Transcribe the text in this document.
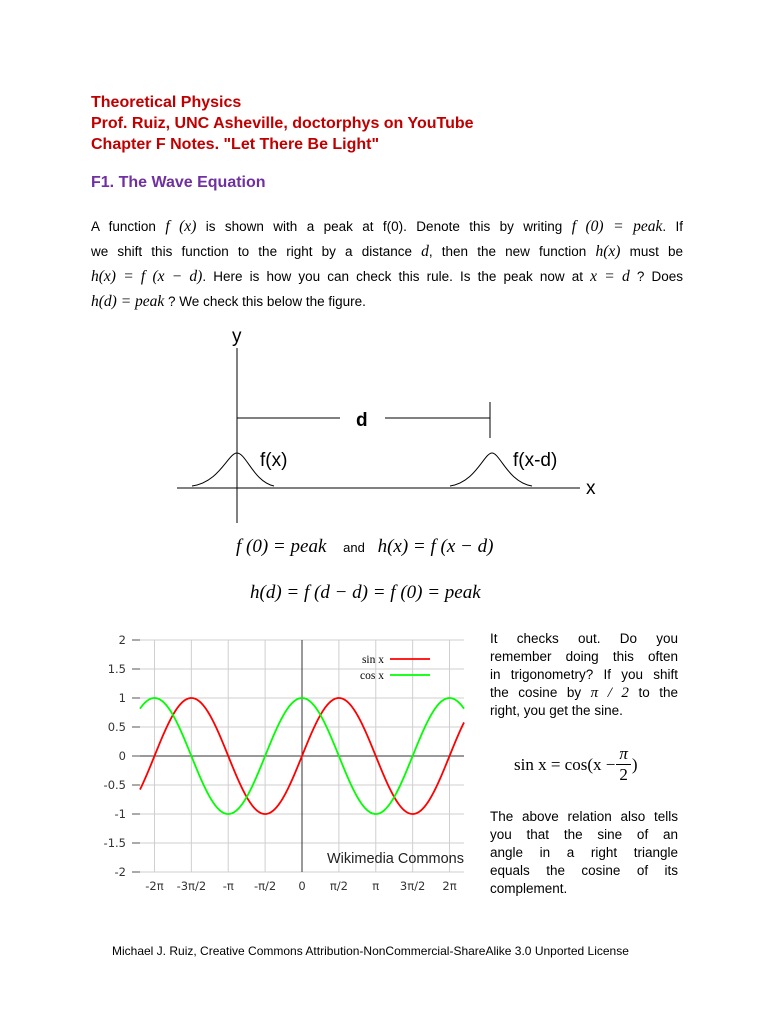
Theoretical Physics

Prof. Ruiz, UNC Asheville, doctorphys on YouTube

Chapter F Notes. "Let There Be Light"

F1. The Wave Equation
A function f (x) is shown with a peak at f(0). Denote this by writing f (0) = peak. If
we shift this function to the right by a distance d, then the new function h(x) must be
h(x) = f (x − d). Here is how you can check this rule. Is the peak now at x = d ? Does
h(d) = peak ? We check this below the figure.
y
x
d
f(x)	f(x-d)
f (0) = peak and h(x) = f (x − d)
h(d) = f (d − d) = f (0) = peak
2
1.5
1
0.5
0
-0.5
-1
-1.5
-2
-2π -3π/2 -π -π/2 0 π/2 π 3π/2 2π
sin x
cos x
Wikimedia Commons
It checks out. Do you
remember doing this often
in trigonometry? If you shift
the cosine by π / 2 to the
right, you get the sine.
$\sin x = \cos(x - \frac{\pi}{2}$ )
The above relation also tells
you that the sine of an
angle in a right triangle
equals the cosine of its
complement.
Michael J. Ruiz, Creative Commons Attribution-NonCommercial-ShareAlike 3.0 Unported License
